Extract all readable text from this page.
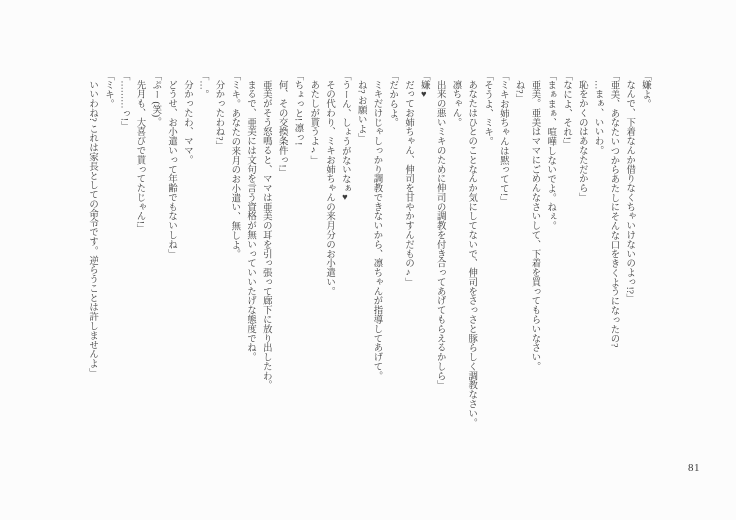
「嫌よ。

なんで、下着なんか借りなくちゃいけないのよっ!?」

「亜美、あなたいつからあたしにそんな口をきくようになったの?

…まぁ、いいわ。

恥をかくのはあなただから」

「なによ、それ!」

「まぁまぁ、喧嘩しないでよ。ねぇ。

亜美。亜美はママにごめんなさいして、下着を買ってもらいなさい。

ね?」

「ミキお姉ちゃんは黙ってて!」

「そうよ、ミキ。

あなたはひとのことなんか気にしてないで、伸司をさっさと豚らしく調教なさい。

凛ちゃん。

出来の悪いミキのために伸司の調教を付き合ってあげてもらえるかしら」

「嫌♥

だってお姉ちゃん、伸司を甘やかすんだもの♪」

「だからよ。

ミキだけじゃしっかり調教できないから、凛ちゃんが指導してあげて。

ね? お願いよ」

「うーん、しょうがないなぁ♥

その代わり、ミキお姉ちゃんの来月分のお小遣い。

あたしが貰うよ♪」

「ちょっと! 凛っ!

何、その交換条件っ!」

亜美がそう怒鳴ると、ママは亜美の耳を引っ張って廊下に放り出したわ。

まるで、亜美には文句を言う資格が無いっていいたげな態度でね。

「ミキ。あなたの来月のお小遣い、無しよ。

分かったわね?」

「…。

分かったわ、ママ。

どうせ、お小遣いって年齢でもないしね」

「ぷー (笑)。

先月も、大喜びで貰ってたじゃん!」

「………っ!」

「ミキ。

いいわね? これは家長としての命令です。逆らうことは許しませんよ」

81
